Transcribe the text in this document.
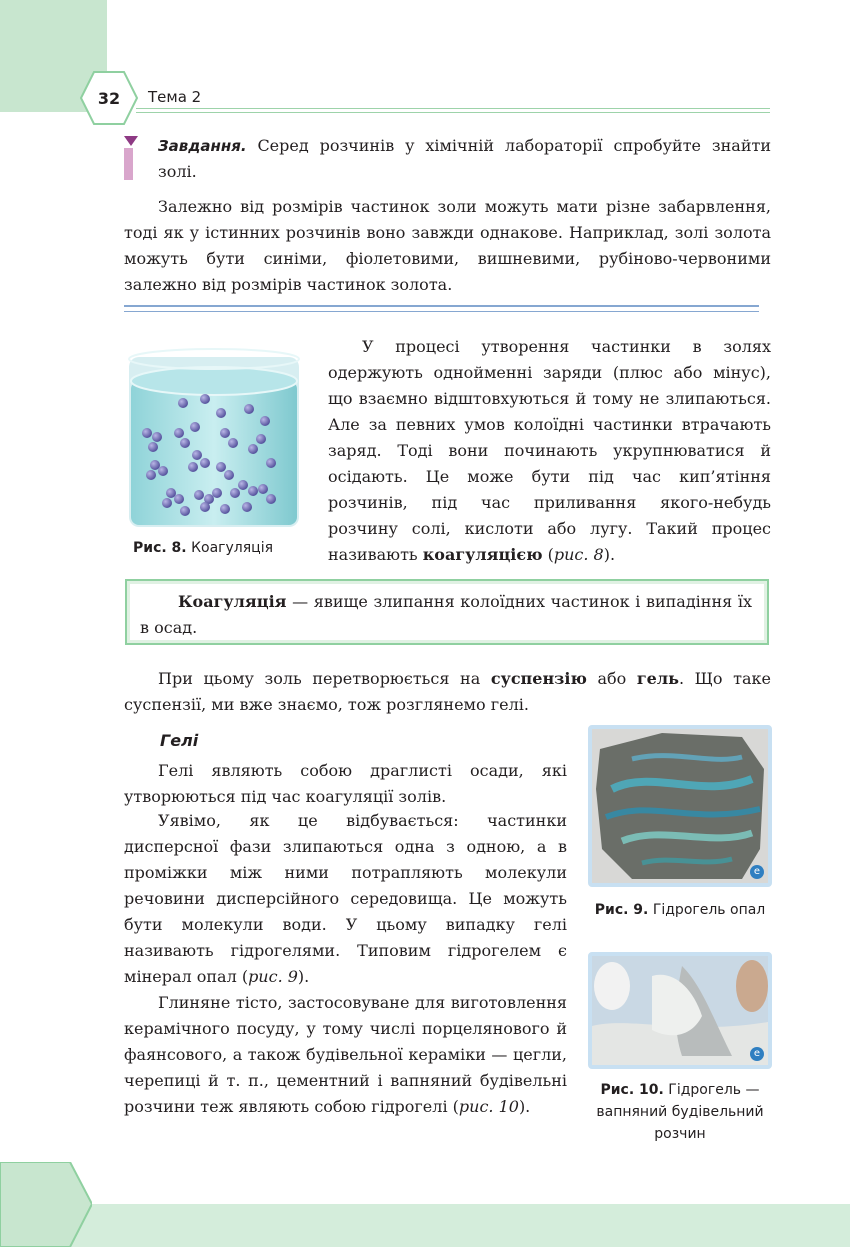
32	Тема 2
Завдання. Серед розчинів у хімічній лабораторії спробуйте знайти золі.
Залежно від розмірів частинок золи можуть мати різне забарвлення, тоді як у істинних розчинів воно завжди однакове. Наприклад, золі золота можуть бути синіми, фіолетовими, вишневими, рубіново-червоними залежно від розмірів частинок золота.
Рис. 8. Коагуляція
У процесі утворення частинки в золях одержують однойменні заряди (плюс або мінус), що взаємно відштовхуються й тому не злипаються. Але за певних умов колоїдні частинки втрачають заряд. Тоді вони починають укрупнюватися й осідають. Це може бути під час кип’ятіння розчинів, під час приливання якого-небудь розчину солі, кислоти або лугу. Такий процес називають коагуляцією (рис. 8).
Коагуляція — явище злипання колоїдних частинок і випадіння їх в осад.
При цьому золь перетворюється на суспензію або гель. Що таке суспензії, ми вже знаємо, тож розглянемо гелі.
Гелі
Гелі являють собою драглисті осади, які утворюються під час коагуляції золів.
Уявімо, як це відбувається: частинки дисперсної фази злипаються одна з одною, а в проміжки між ними потрапляють молекули речовини дисперсійного середовища. Це можуть бути молекули води. У цьому випадку гелі називають гідрогелями. Типовим гідрогелем є мінерал опал (рис. 9).
Глиняне тісто, застосовуване для виготовлення керамічного посуду, у тому числі порцелянового й фаянсового, а також будівельної кераміки — цегли, черепиці й т. п., цементний і вапняний будівельні розчини теж являють собою гідрогелі (рис. 10).
e
Рис. 9. Гідрогель опал
e
Рис. 10. Гідрогель — вапняний будівельний розчин
